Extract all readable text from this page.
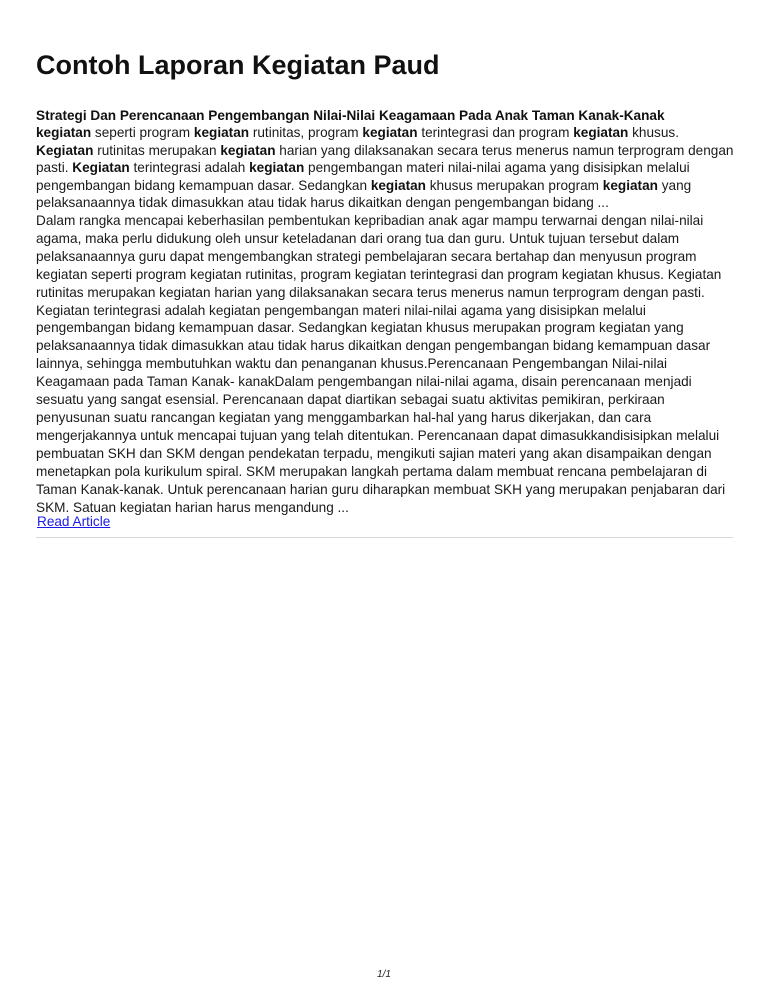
Contoh Laporan Kegiatan Paud
Strategi Dan Perencanaan Pengembangan Nilai-Nilai Keagamaan Pada Anak Taman Kanak-Kanak

kegiatan seperti program kegiatan rutinitas, program kegiatan terintegrasi dan program kegiatan khusus. Kegiatan rutinitas merupakan kegiatan harian yang dilaksanakan secara terus menerus namun terprogram dengan pasti. Kegiatan terintegrasi adalah kegiatan pengembangan materi nilai-nilai agama yang disisipkan melalui pengembangan bidang kemampuan dasar. Sedangkan kegiatan khusus merupakan program kegiatan yang pelaksanaannya tidak dimasukkan atau tidak harus dikaitkan dengan pengembangan bidang ...

Dalam rangka mencapai keberhasilan pembentukan kepribadian anak agar mampu terwarnai dengan nilai-nilai agama, maka perlu didukung oleh unsur keteladanan dari orang tua dan guru. Untuk tujuan tersebut dalam pelaksanaannya guru dapat mengembangkan strategi pembelajaran secara bertahap dan menyusun program kegiatan seperti program kegiatan rutinitas, program kegiatan terintegrasi dan program kegiatan khusus. Kegiatan rutinitas merupakan kegiatan harian yang dilaksanakan secara terus menerus namun terprogram dengan pasti. Kegiatan terintegrasi adalah kegiatan pengembangan materi nilai-nilai agama yang disisipkan melalui pengembangan bidang kemampuan dasar. Sedangkan kegiatan khusus merupakan program kegiatan yang pelaksanaannya tidak dimasukkan atau tidak harus dikaitkan dengan pengembangan bidang kemampuan dasar lainnya, sehingga membutuhkan waktu dan penanganan khusus.Perencanaan Pengembangan Nilai-nilai Keagamaan pada Taman Kanak- kanakDalam pengembangan nilai-nilai agama, disain perencanaan menjadi sesuatu yang sangat esensial. Perencanaan dapat diartikan sebagai suatu aktivitas pemikiran, perkiraan penyusunan suatu rancangan kegiatan yang menggambarkan hal-hal yang harus dikerjakan, dan cara mengerjakannya untuk mencapai tujuan yang telah ditentukan. Perencanaan dapat dimasukkandisisipkan melalui pembuatan SKH dan SKM dengan pendekatan terpadu, mengikuti sajian materi yang akan disampaikan dengan menetapkan pola kurikulum spiral. SKM merupakan langkah pertama dalam membuat rencana pembelajaran di Taman Kanak-kanak. Untuk perencanaan harian guru diharapkan membuat SKH yang merupakan penjabaran dari SKM. Satuan kegiatan harian harus mengandung ...

Read Article
1/1
